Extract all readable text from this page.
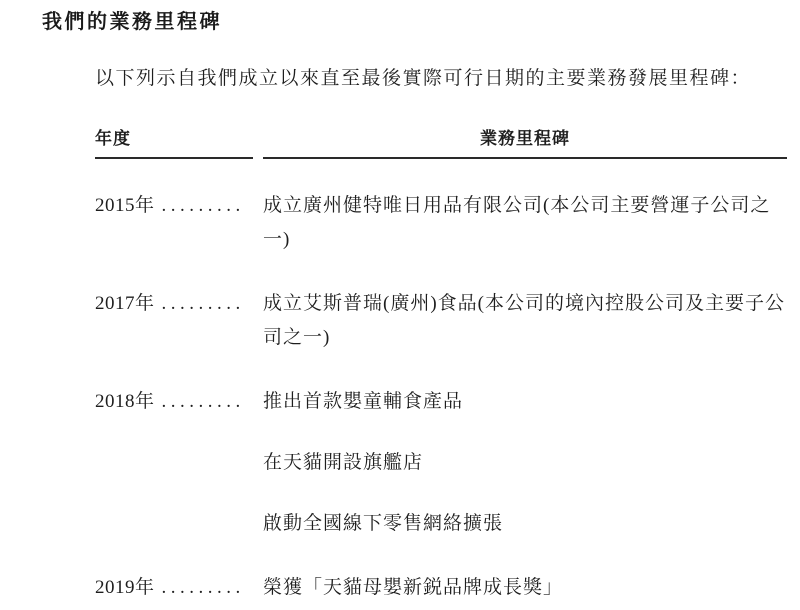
我們的業務里程碑

以下列示自我們成立以來直至最後實際可行日期的主要業務發展里程碑：

年度	業務里程碑
2015年 ......... 成立廣州健特唯日用品有限公司(本公司主要營運子公司之一)

2017年 ......... 成立艾斯普瑞(廣州)食品(本公司的境內控股公司及主要子公司之一)

2018年 ......... 推出首款嬰童輔食產品

在天貓開設旗艦店

啟動全國線下零售網絡擴張

2019年 ......... 榮獲「天貓母嬰新鋭品牌成長獎」
